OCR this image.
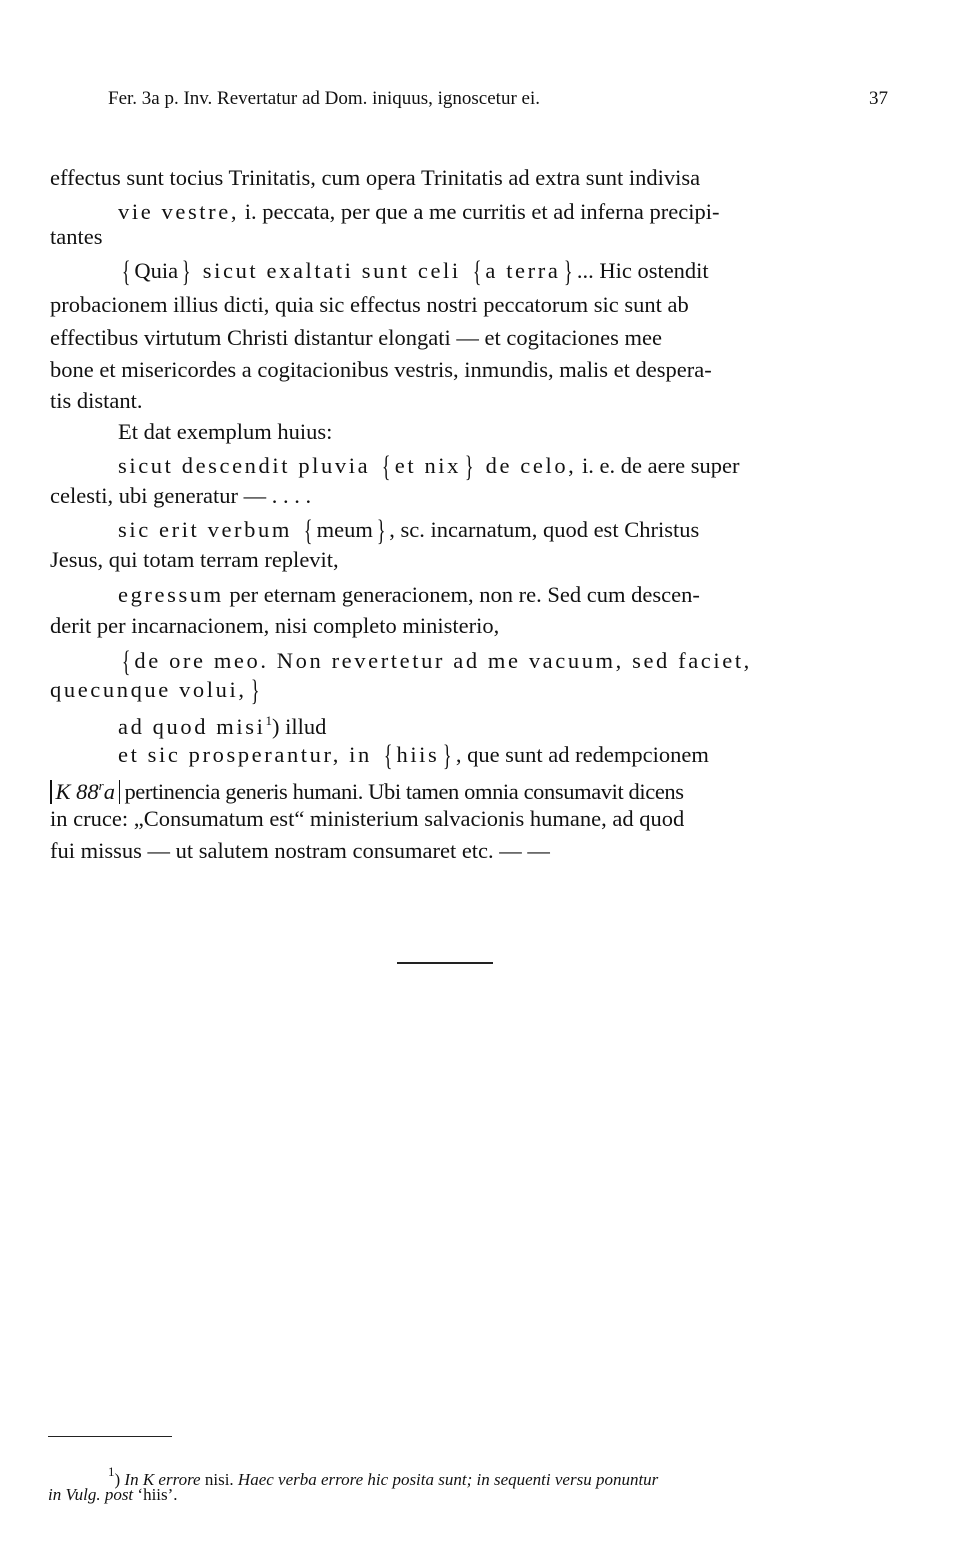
Fer. 3a p. Inv. Revertatur ad Dom. iniquus, ignoscetur ei.	37
effectus sunt tocius Trinitatis, cum opera Trinitatis ad extra sunt indivisa
vie vestre, i. peccata, per que a me curritis et ad inferna precipi-
tantes
{ Quia } sicut exaltati sunt celi { a terra } ... Hic ostendit
probacionem illius dicti, quia sic effectus nostri peccatorum sic sunt ab
effectibus virtutum Christi distantur elongati — et cogitaciones mee
bone et misericordes a cogitacionibus vestris, inmundis, malis et despera-
tis distant.
Et dat exemplum huius:
sicut descendit pluvia { et nix } de celo, i. e. de aere super
celesti, ubi generatur — . . . .
sic erit verbum { meum } , sc. incarnatum, quod est Christus
Jesus, qui totam terram replevit,
egressum per eternam generacionem, non re. Sed cum descen-
derit per incarnacionem, nisi completo ministerio,
{ de ore meo. Non revertetur ad me vacuum, sed faciet,
quecunque volui, }
ad quod misi$^1$) illud
et sic prosperantur, in { hiis } , que sunt ad redempcionem
K 88$^r$a pertinencia generis humani. Ubi tamen omnia consumavit dicens
in cruce: „Consumatum est“ ministerium salvacionis humane, ad quod
fui missus — ut salutem nostram consumaret etc. — —
$^1$) In K errore nisi. Haec verba errore hic posita sunt; in sequenti versu ponuntur
in Vulg. post ‘hiis’.
